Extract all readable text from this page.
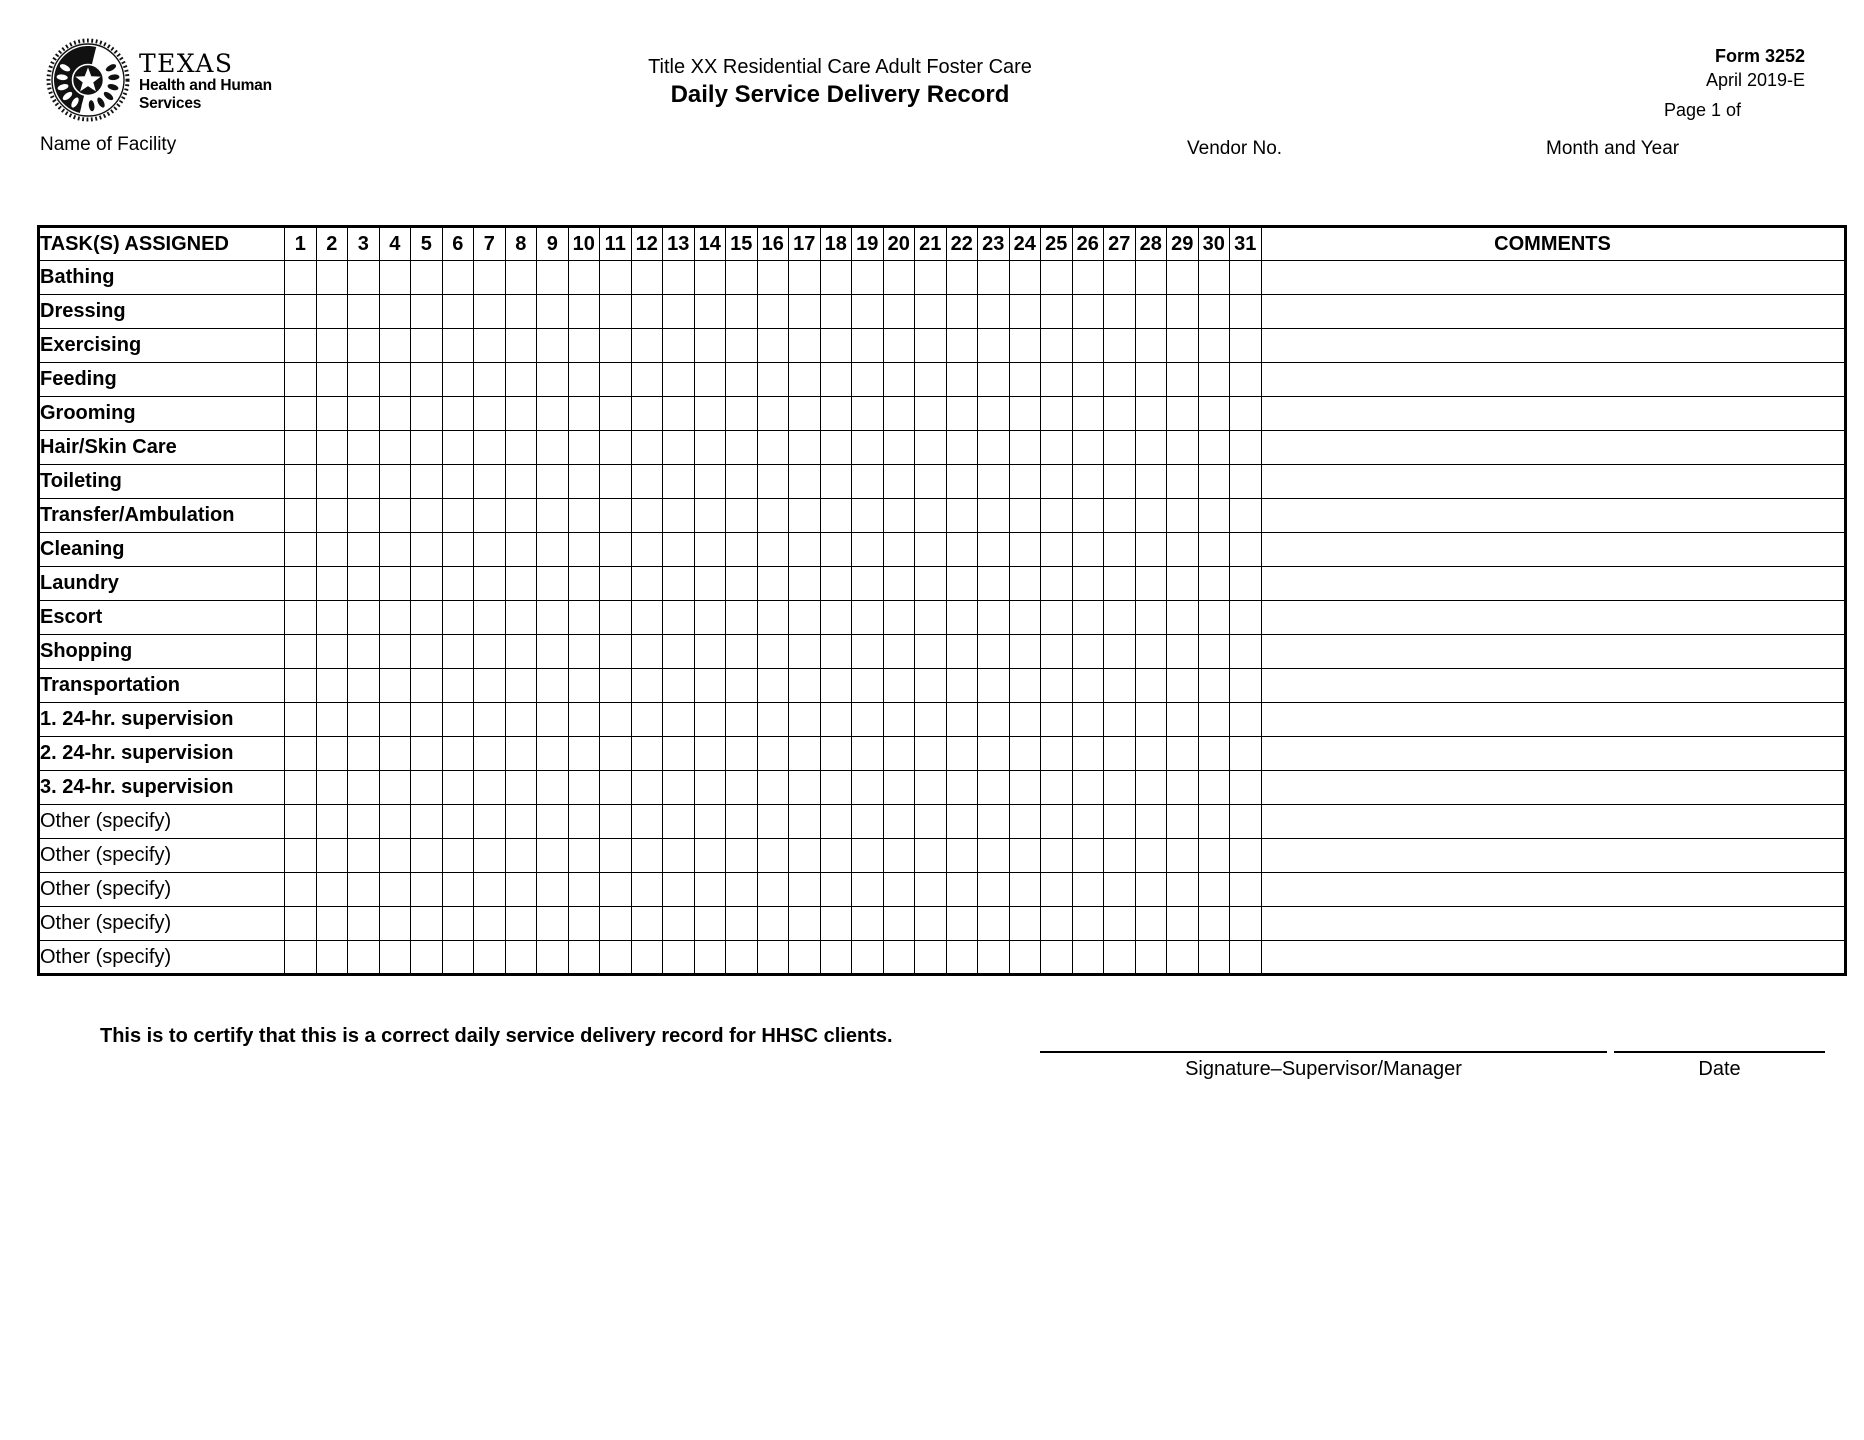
TEXAS
Health and Human
Services
Title XX Residential Care Adult Foster Care
Daily Service Delivery Record
Form 3252
April 2019-E
Page 1 of
Name of Facility	Vendor No.	Month and Year
TASK(S) ASSIGNED	1	2	3	4	5	6	7	8	9	10	11	12	13	14	15	16	17	18	19	20	21	22	23	24	25	26	27	28	29	30	31	COMMENTS
Bathing																																
Dressing																																
Exercising																																
Feeding																																
Grooming																																
Hair/Skin Care																																
Toileting																																
Transfer/Ambulation																																
Cleaning																																
Laundry																																
Escort																																
Shopping																																
Transportation																																
1. 24-hr. supervision																																
2. 24-hr. supervision																																
3. 24-hr. supervision																																
Other (specify)																																
Other (specify)																																
Other (specify)																																
Other (specify)																																
Other (specify)																																
This is to certify that this is a correct daily service delivery record for HHSC clients.
Signature–Supervisor/Manager	Date
